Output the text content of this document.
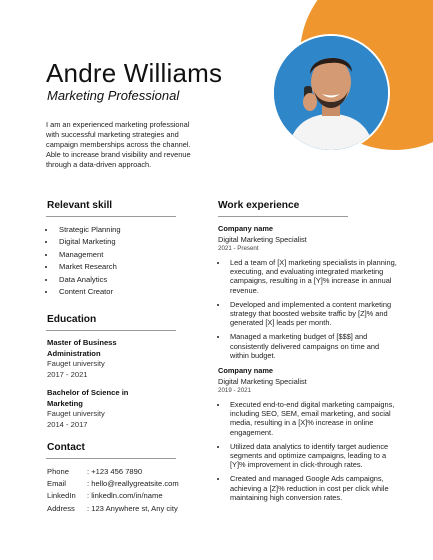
Andre Williams

Marketing Professional

I am an experienced marketing professional with successful marketing strategies and campaign memberships across the channel. Able to increase brand visibility and revenue through a data-driven approach.

Relevant skill
• Strategic Planning
• Digital Marketing
• Management
• Market Research
• Data Analytics
• Content Creator
Education
Master of Business Administration
Fauget university
2017 - 2021
Bachelor of Science in Marketing
Fauget university
2014 - 2017
Contact
Phone	: +123 456 7890
Email	: hello@reallygreatsite.com
LinkedIn	: linkedln.com/in/name
Address	: 123 Anywhere st, Any city
Work experience
Company name
Digital Marketing Specialist
2021 - Present
• Led a team of [X] marketing specialists in planning, executing, and evaluating integrated marketing campaigns, resulting in a [Y]% increase in annual revenue.
• Developed and implemented a content marketing strategy that boosted website traffic by [Z]% and generated [X] leads per month.
• Managed a marketing budget of [$$$] and consistently delivered campaigns on time and within budget.
Company name
Digital Marketing Specialist
2019 - 2021
• Executed end-to-end digital marketing campaigns, including SEO, SEM, email marketing, and social media, resulting in a [X]% increase in online engagement.
• Utilized data analytics to identify target audience segments and optimize campaigns, leading to a [Y]% improvement in click-through rates.
• Created and managed Google Ads campaigns, achieving a [Z]% reduction in cost per click while maintaining high conversion rates.
